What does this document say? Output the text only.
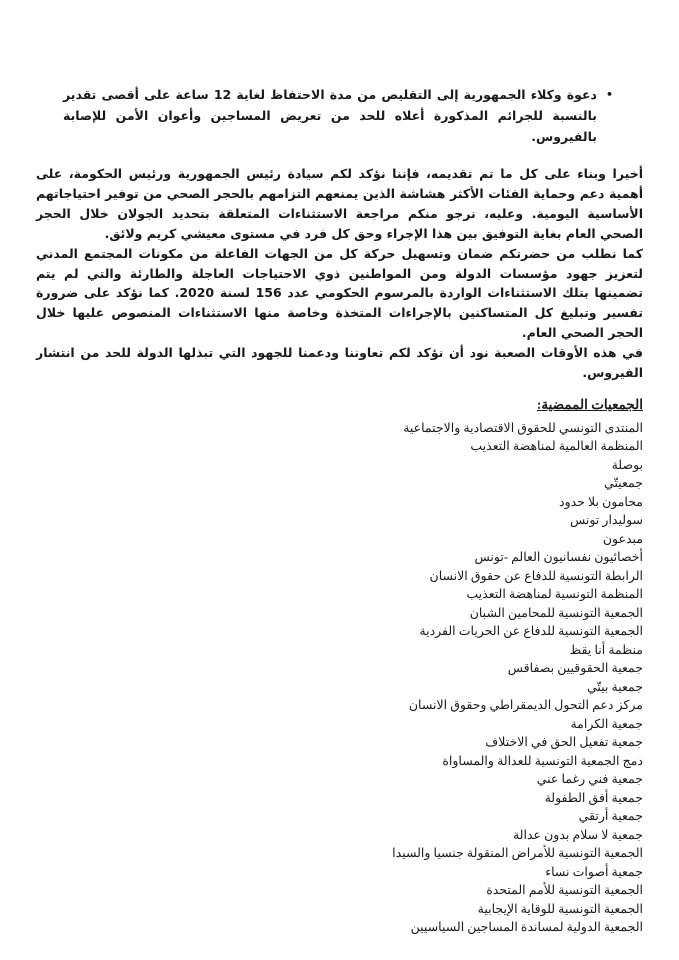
•

دعوة وكلاء الجمهورية إلى التقليص من مدة الاحتفاظ لغاية 12 ساعة على أقصى تقدير بالنسبة للجرائم المذكورة أعلاه للحد من تعريض المساجين وأعوان الأمن للإصابة بالفيروس.

أخيرا وبناء على كل ما تم تقديمه، فإننا نؤكد لكم سيادة رئيس الجمهورية ورئيس الحكومة، على أهمية دعم وحماية الفئات الأكثر هشاشة الذين يمنعهم التزامهم بالحجر الصحي من توفير احتياجاتهم الأساسية اليومية. وعليه، نرجو منكم مراجعة الاستثناءات المتعلقة بتحديد الجولان خلال الحجر الصحي العام بغاية التوفيق بين هذا الإجراء وحق كل فرد في مستوى معيشي كريم ولائق.

كما نطلب من حضرتكم ضمان وتسهيل حركة كل من الجهات الفاعلة من مكونات المجتمع المدني لتعزيز جهود مؤسسات الدولة ومن المواطنين ذوي الاحتياجات العاجلة والطارئة والتي لم يتم تضمينها بتلك الاستثناءات الواردة بالمرسوم الحكومي عدد 156 لسنة 2020. كما نؤكد على ضرورة تفسير وتبليغ كل المتساكنين بالإجراءات المتخذة وخاصة منها الاستثناءات المنصوص عليها خلال الحجر الصحي العام.

في هذه الأوقات الصعبة نود أن نؤكد لكم تعاوننا ودعمنا للجهود التي تبذلها الدولة للحد من انتشار الفيروس.

الجمعيات الممضية:
المنتدى التونسي للحقوق الاقتصادية والاجتماعية
المنظمة العالمية لمناهضة التعذيب
بوصلة
جمعيتّي
محامون بلا حدود
سوليدار تونس
مبدعون
أخصائيون نفسانيون العالم -تونس
الرابطة التونسية للدفاع عن حقوق الانسان
المنظمة التونسية لمناهضة التعذيب
الجمعية التونسية للمحامين الشبان
الجمعية التونسية للدفاع عن الحريات الفردية
منظمة أنا يقظ
جمعية الحقوقيين بصفاقس
جمعية بيتّي
مركز دعم التحول الديمقراطي وحقوق الانسان
جمعية الكرامة
جمعية تفعيل الحق في الاختلاف
دمج الجمعية التونسية للعدالة والمساواة
جمعية فني رغما عني
جمعية أفق الطفولة
جمعية أرتقي
جمعية لا سلام بدون عدالة
الجمعية التونسية للأمراض المنقولة جنسيا والسيدا
جمعية أصوات نساء
الجمعية التونسية للأمم المتحدة
الجمعية التونسية للوقاية الإيجابية
الجمعية الدولية لمساندة المساجين السياسيين
